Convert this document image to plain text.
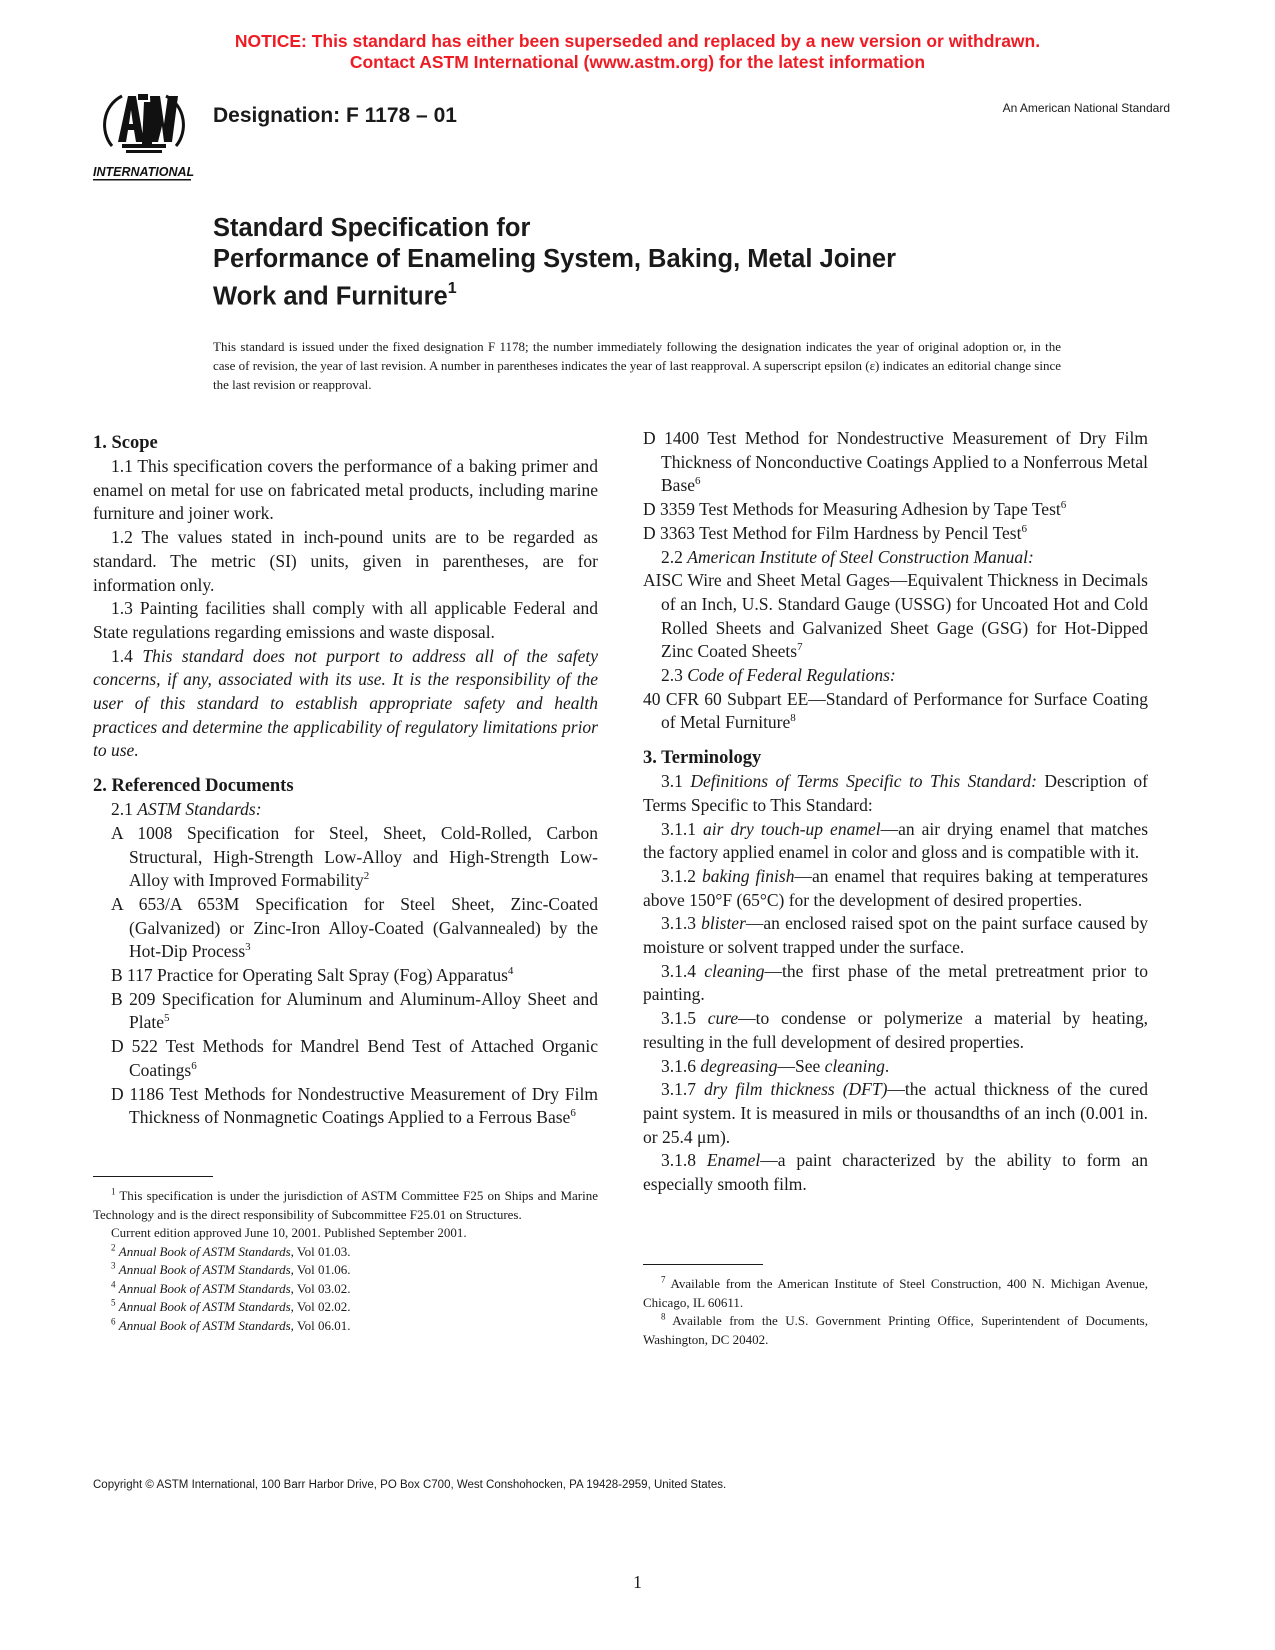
NOTICE: This standard has either been superseded and replaced by a new version or withdrawn.
Contact ASTM International (www.astm.org) for the latest information
INTERNATIONAL
Designation: F 1178 – 01	An American National Standard
Standard Specification for
Performance of Enameling System, Baking, Metal Joiner
Work and Furniture$^1$
This standard is issued under the fixed designation F 1178; the number immediately following the designation indicates the year of original adoption or, in the case of revision, the year of last revision. A number in parentheses indicates the year of last reapproval. A superscript epsilon (ε) indicates an editorial change since the last revision or reapproval.
1. Scope

1.1 This specification covers the performance of a baking primer and enamel on metal for use on fabricated metal products, including marine furniture and joiner work.

1.2 The values stated in inch-pound units are to be regarded as standard. The metric (SI) units, given in parentheses, are for information only.

1.3 Painting facilities shall comply with all applicable Federal and State regulations regarding emissions and waste disposal.

1.4 This standard does not purport to address all of the safety concerns, if any, associated with its use. It is the responsibility of the user of this standard to establish appropriate safety and health practices and determine the applicability of regulatory limitations prior to use.

2. Referenced Documents

2.1 ASTM Standards:

A 1008 Specification for Steel, Sheet, Cold-Rolled, Carbon Structural, High-Strength Low-Alloy and High-Strength Low-Alloy with Improved Formability$^2$

A 653/A 653M Specification for Steel Sheet, Zinc-Coated (Galvanized) or Zinc-Iron Alloy-Coated (Galvannealed) by the Hot-Dip Process$^3$

B 117 Practice for Operating Salt Spray (Fog) Apparatus$^4$

B 209 Specification for Aluminum and Aluminum-Alloy Sheet and Plate$^5$

D 522 Test Methods for Mandrel Bend Test of Attached Organic Coatings$^6$

D 1186 Test Methods for Nondestructive Measurement of Dry Film Thickness of Nonmagnetic Coatings Applied to a Ferrous Base$^6$

$^1$ This specification is under the jurisdiction of ASTM Committee F25 on Ships and Marine Technology and is the direct responsibility of Subcommittee F25.01 on Structures.

Current edition approved June 10, 2001. Published September 2001.

$^2$ Annual Book of ASTM Standards, Vol 01.03.

$^3$ Annual Book of ASTM Standards, Vol 01.06.

$^4$ Annual Book of ASTM Standards, Vol 03.02.

$^5$ Annual Book of ASTM Standards, Vol 02.02.

$^6$ Annual Book of ASTM Standards, Vol 06.01.

D 1400 Test Method for Nondestructive Measurement of Dry Film Thickness of Nonconductive Coatings Applied to a Nonferrous Metal Base$^6$

D 3359 Test Methods for Measuring Adhesion by Tape Test$^6$

D 3363 Test Method for Film Hardness by Pencil Test$^6$

2.2 American Institute of Steel Construction Manual:

AISC Wire and Sheet Metal Gages—Equivalent Thickness in Decimals of an Inch, U.S. Standard Gauge (USSG) for Uncoated Hot and Cold Rolled Sheets and Galvanized Sheet Gage (GSG) for Hot-Dipped Zinc Coated Sheets$^7$

2.3 Code of Federal Regulations:

40 CFR 60 Subpart EE—Standard of Performance for Surface Coating of Metal Furniture$^8$

3. Terminology

3.1 Definitions of Terms Specific to This Standard: Description of Terms Specific to This Standard:

3.1.1 air dry touch-up enamel—an air drying enamel that matches the factory applied enamel in color and gloss and is compatible with it.

3.1.2 baking finish—an enamel that requires baking at temperatures above 150°F (65°C) for the development of desired properties.

3.1.3 blister—an enclosed raised spot on the paint surface caused by moisture or solvent trapped under the surface.

3.1.4 cleaning—the first phase of the metal pretreatment prior to painting.

3.1.5 cure—to condense or polymerize a material by heating, resulting in the full development of desired properties.

3.1.6 degreasing—See cleaning.

3.1.7 dry film thickness (DFT)—the actual thickness of the cured paint system. It is measured in mils or thousandths of an inch (0.001 in. or 25.4 μm).

3.1.8 Enamel—a paint characterized by the ability to form an especially smooth film.

$^7$ Available from the American Institute of Steel Construction, 400 N. Michigan Avenue, Chicago, IL 60611.

$^8$ Available from the U.S. Government Printing Office, Superintendent of Documents, Washington, DC 20402.

Copyright © ASTM International, 100 Barr Harbor Drive, PO Box C700, West Conshohocken, PA 19428-2959, United States.
1
